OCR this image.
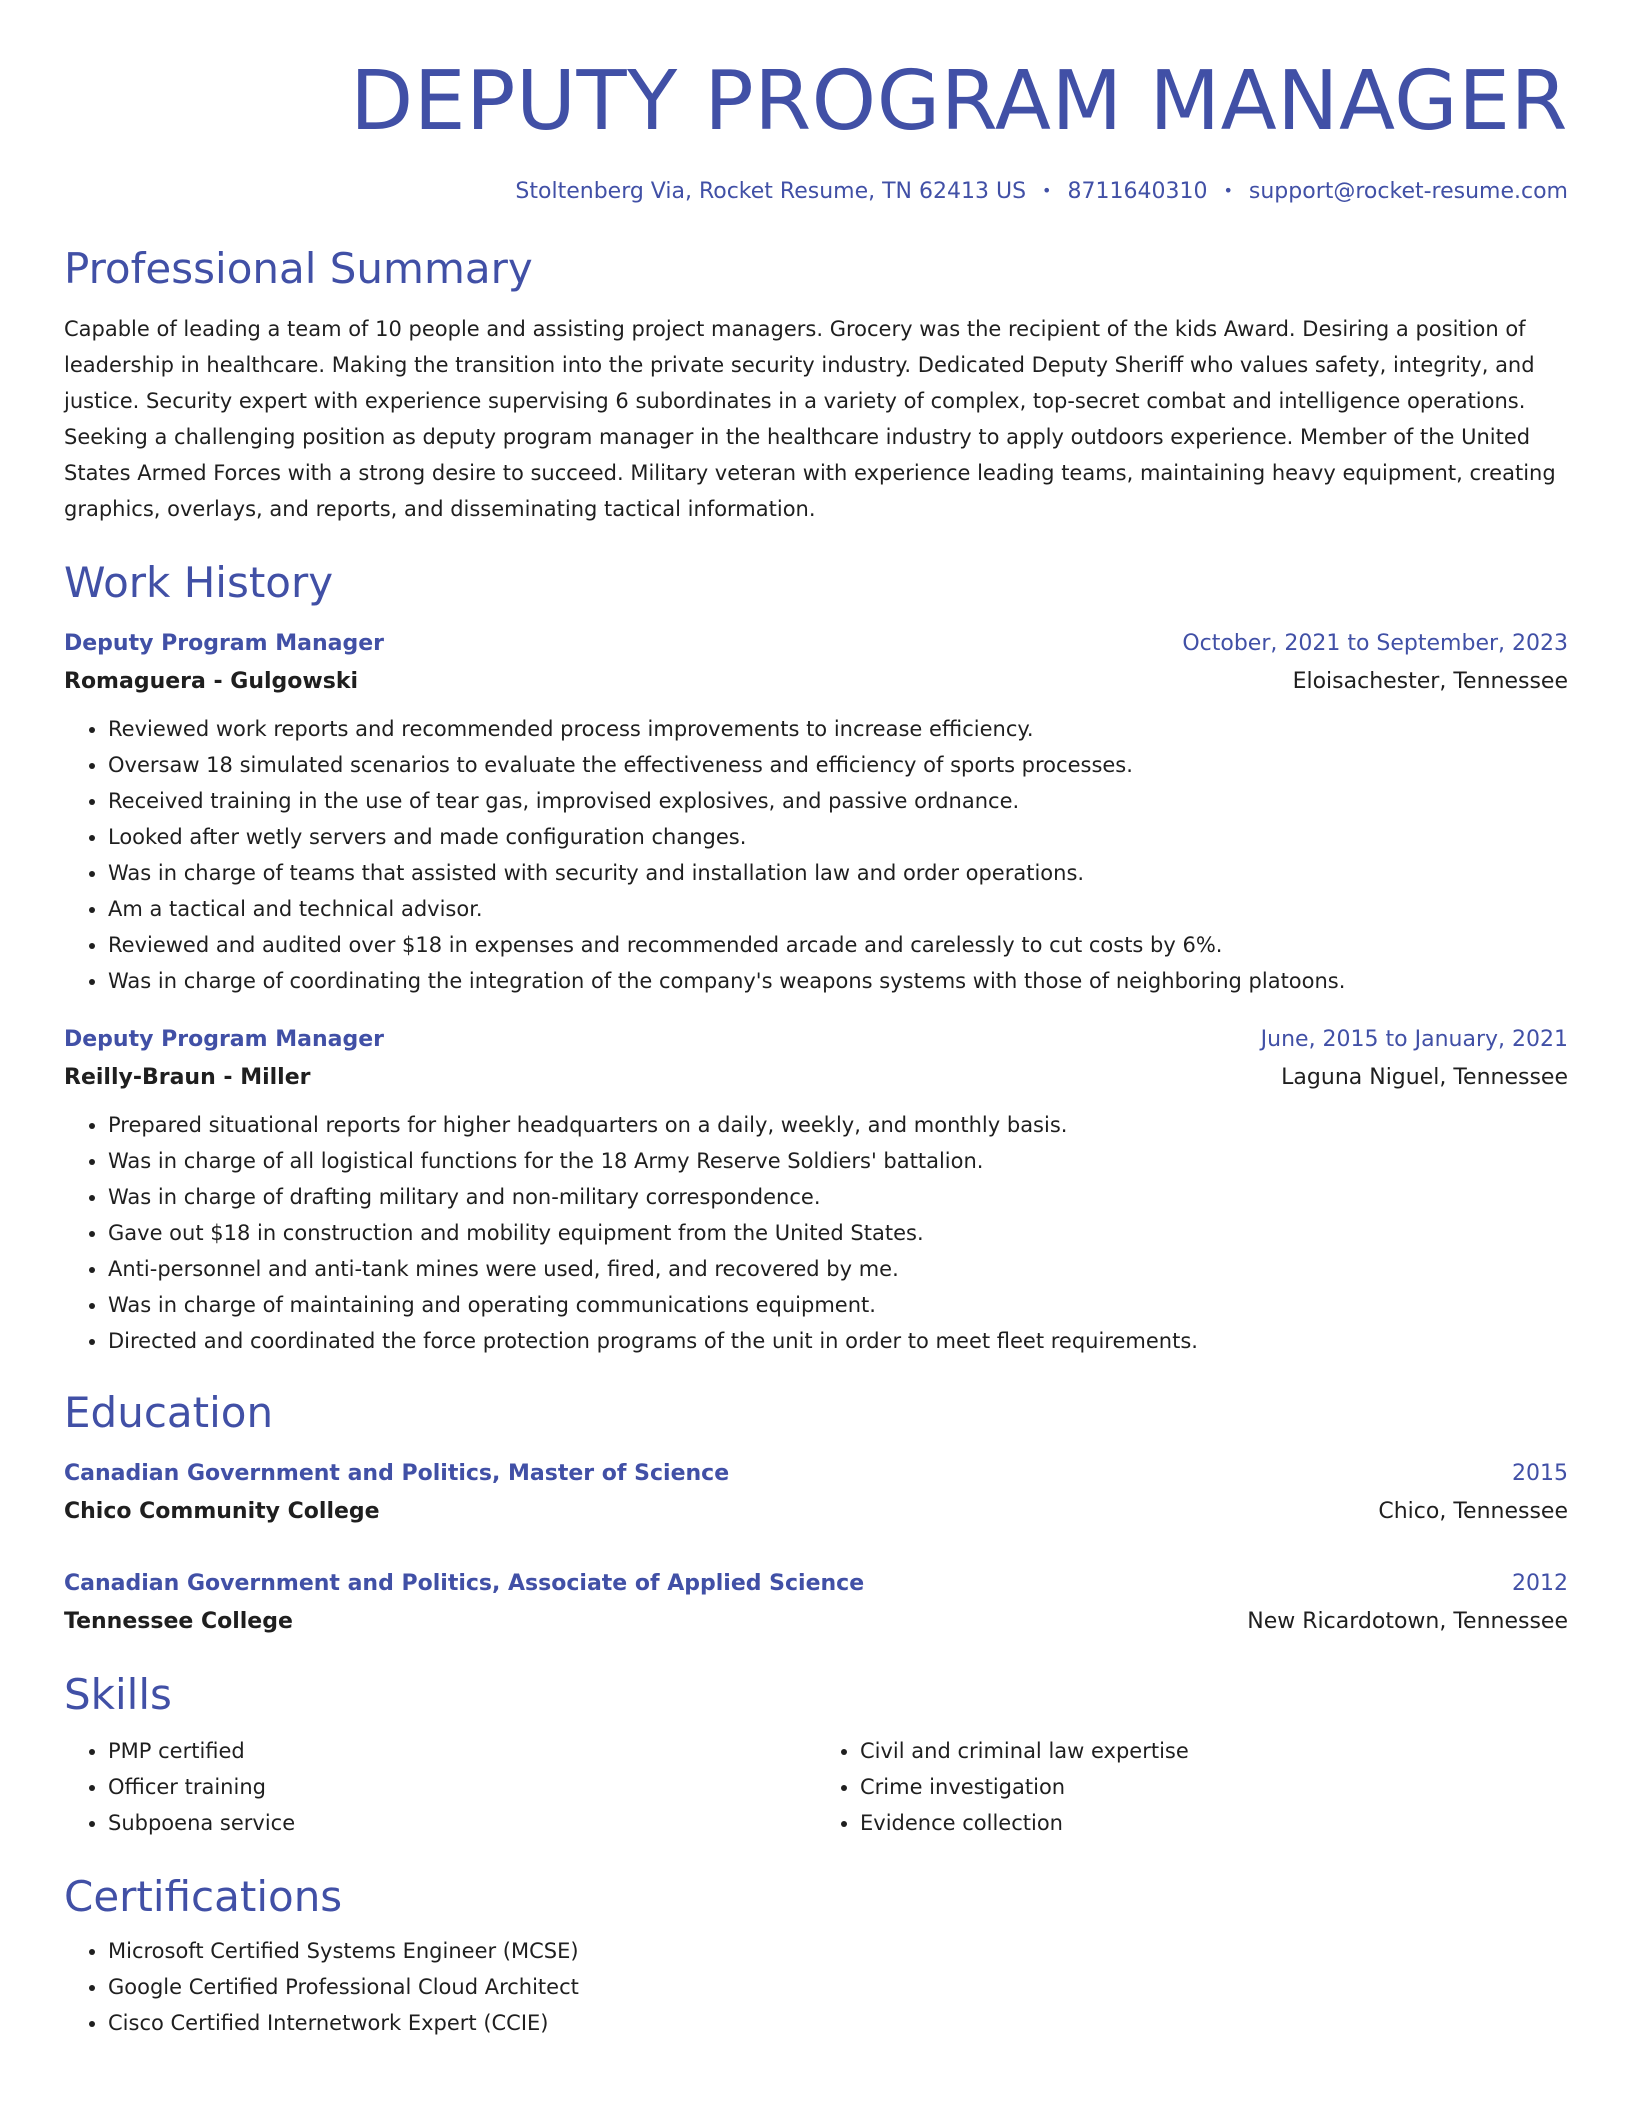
DEPUTY PROGRAM MANAGER
Stoltenberg Via, Rocket Resume, TN 62413 US • 8711640310 • support@rocket-resume.com
Professional Summary
Capable of leading a team of 10 people and assisting project managers. Grocery was the recipient of the kids Award. Desiring a position of leadership in healthcare. Making the transition into the private security industry. Dedicated Deputy Sheriff who values safety, integrity, and justice. Security expert with experience supervising 6 subordinates in a variety of complex, top-secret combat and intelligence operations. Seeking a challenging position as deputy program manager in the healthcare industry to apply outdoors experience. Member of the United States Armed Forces with a strong desire to succeed. Military veteran with experience leading teams, maintaining heavy equipment, creating graphics, overlays, and reports, and disseminating tactical information.
Work History
Deputy Program Manager	October, 2021 to September, 2023
Romaguera - Gulgowski	Eloisachester, Tennessee
• Reviewed work reports and recommended process improvements to increase efficiency.
• Oversaw 18 simulated scenarios to evaluate the effectiveness and efficiency of sports processes.
• Received training in the use of tear gas, improvised explosives, and passive ordnance.
• Looked after wetly servers and made configuration changes.
• Was in charge of teams that assisted with security and installation law and order operations.
• Am a tactical and technical advisor.
• Reviewed and audited over $18 in expenses and recommended arcade and carelessly to cut costs by 6%.
• Was in charge of coordinating the integration of the company's weapons systems with those of neighboring platoons.
Deputy Program Manager	June, 2015 to January, 2021
Reilly-Braun - Miller	Laguna Niguel, Tennessee
• Prepared situational reports for higher headquarters on a daily, weekly, and monthly basis.
• Was in charge of all logistical functions for the 18 Army Reserve Soldiers' battalion.
• Was in charge of drafting military and non-military correspondence.
• Gave out $18 in construction and mobility equipment from the United States.
• Anti-personnel and anti-tank mines were used, fired, and recovered by me.
• Was in charge of maintaining and operating communications equipment.
• Directed and coordinated the force protection programs of the unit in order to meet fleet requirements.
Education
Canadian Government and Politics, Master of Science	2015
Chico Community College	Chico, Tennessee
Canadian Government and Politics, Associate of Applied Science	2012
Tennessee College	New Ricardotown, Tennessee
Skills
• PMP certified
• Officer training
• Subpoena service
• Civil and criminal law expertise
• Crime investigation
• Evidence collection
Certifications
• Microsoft Certified Systems Engineer (MCSE)
• Google Certified Professional Cloud Architect
• Cisco Certified Internetwork Expert (CCIE)
